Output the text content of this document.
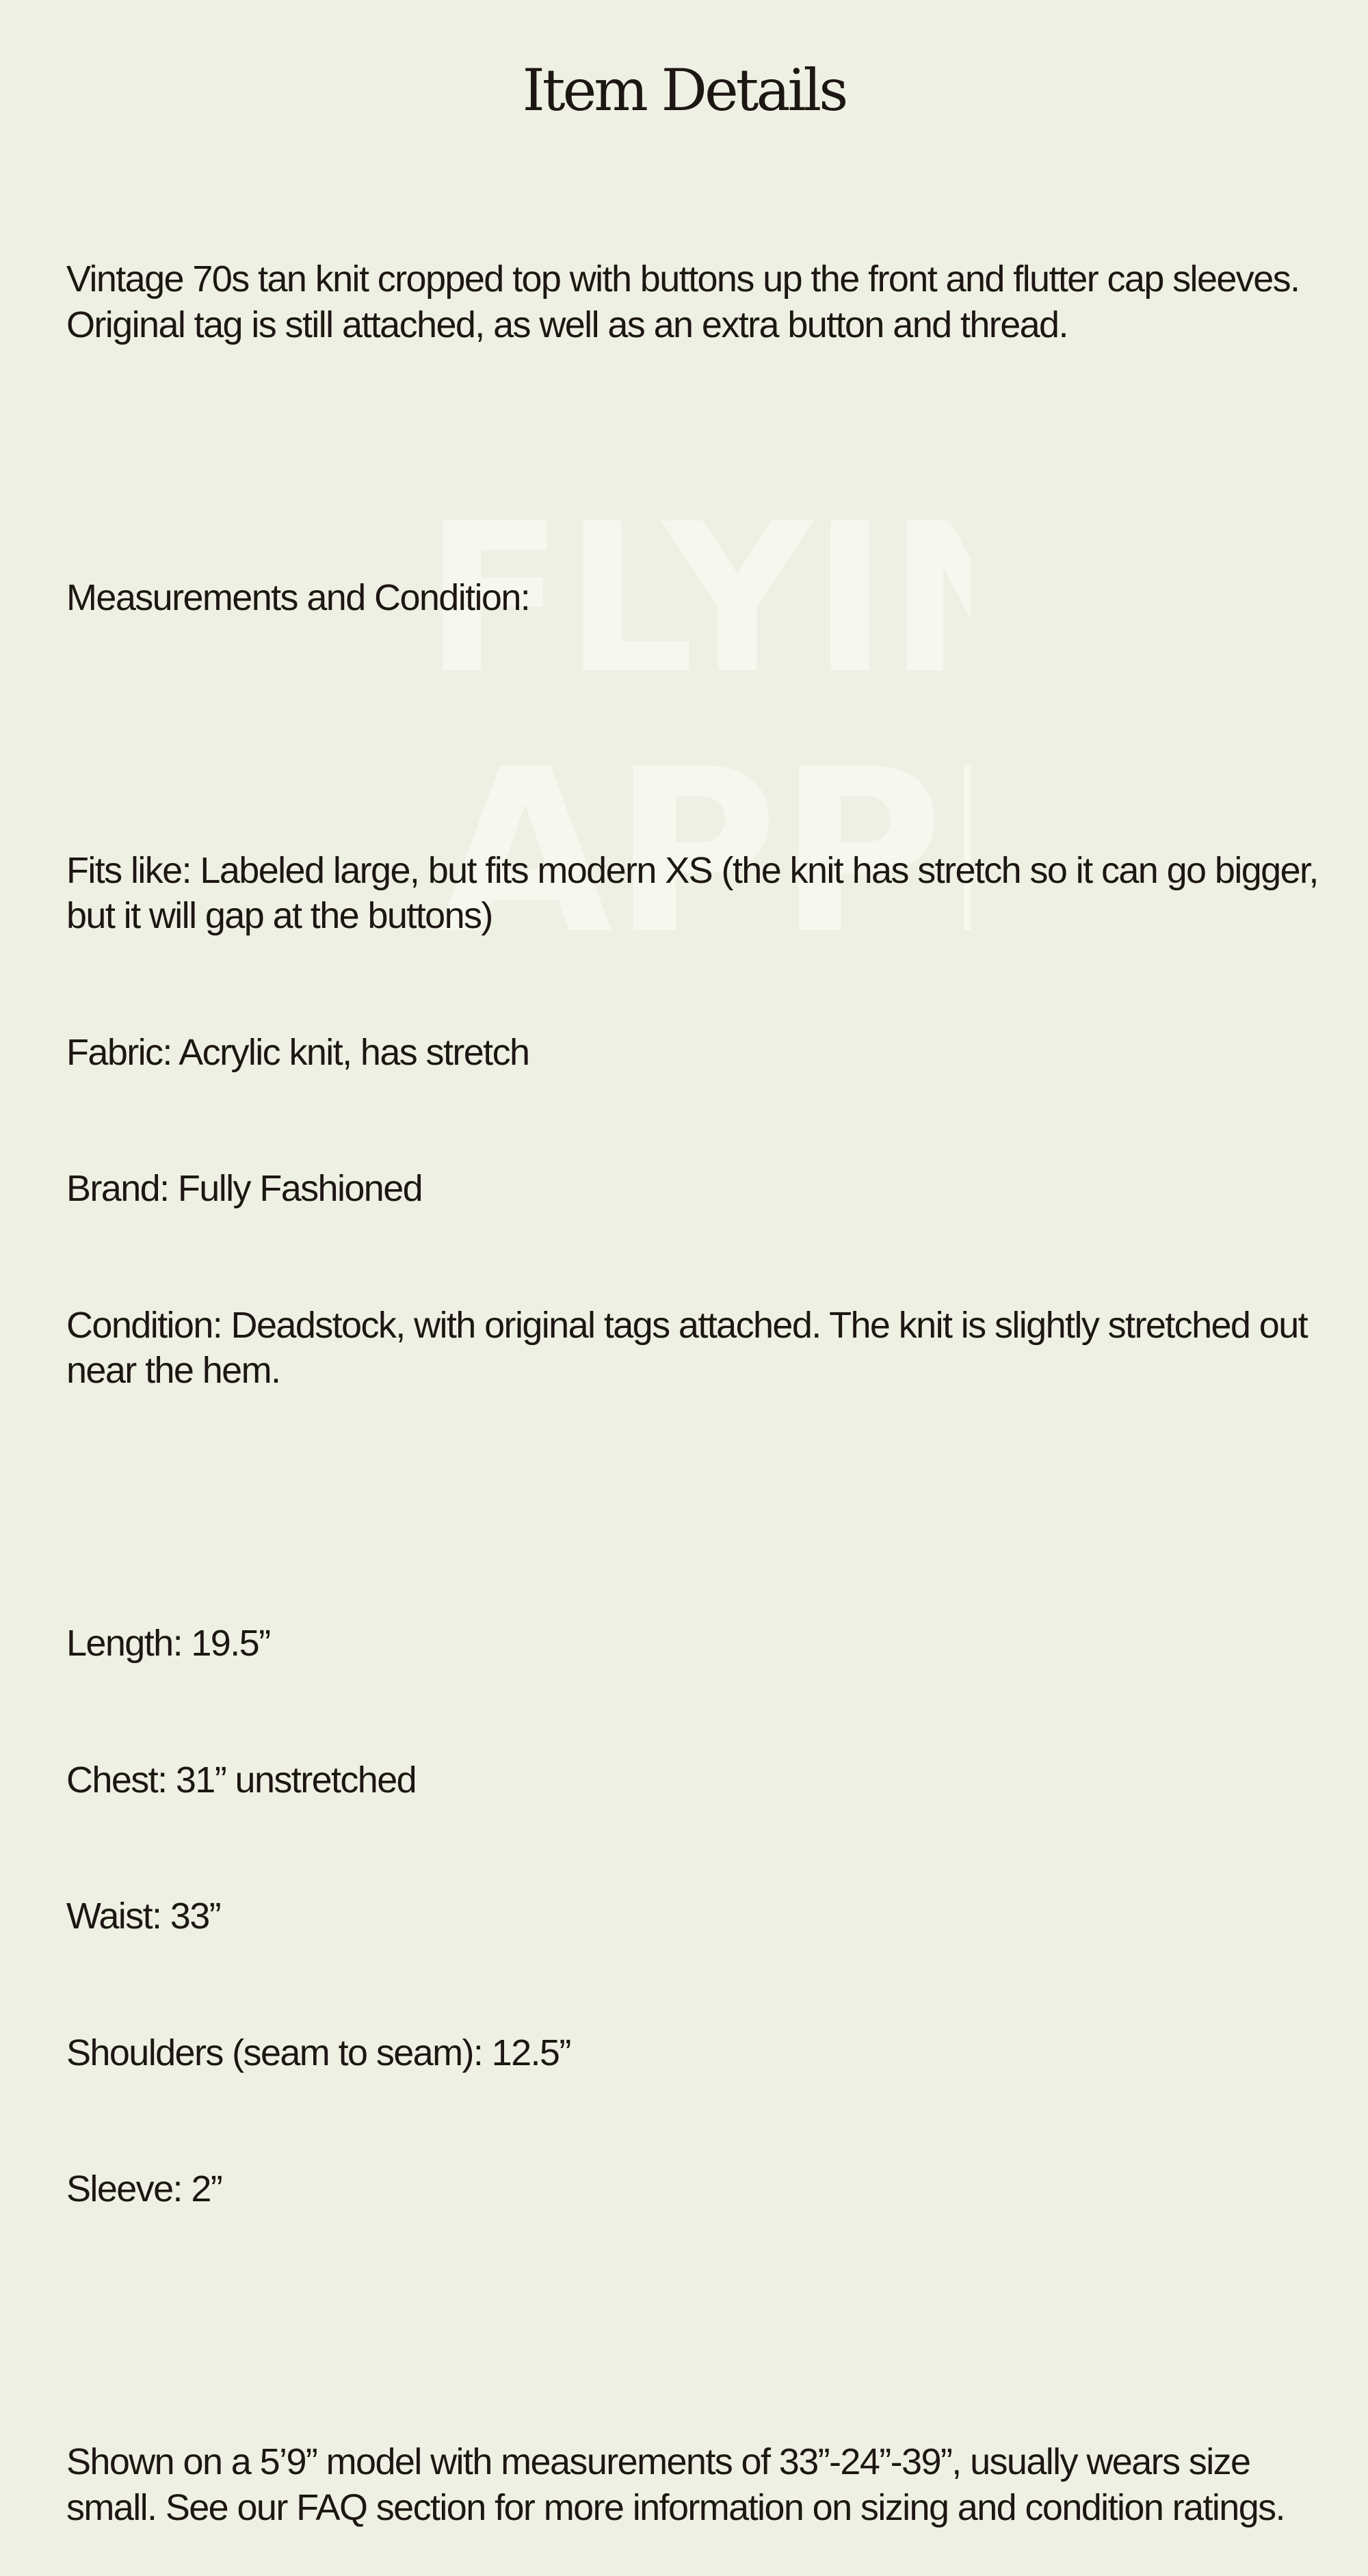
FLYI
APP
Item Details

Vintage 70s tan knit cropped top with buttons up the front and flutter cap sleeves. Original tag is still attached, as well as an extra button and thread.

Measurements and Condition:

Fits like: Labeled large, but fits modern XS (the knit has stretch so it can go bigger, but it will gap at the buttons)

Fabric: Acrylic knit, has stretch

Brand: Fully Fashioned

Condition: Deadstock, with original tags attached. The knit is slightly stretched out near the hem.

Length: 19.5”

Chest: 31” unstretched

Waist: 33”

Shoulders (seam to seam): 12.5”

Sleeve: 2”

Shown on a 5’9” model with measurements of 33”-24”-39”, usually wears size small. See our FAQ section for more information on sizing and condition ratings.
